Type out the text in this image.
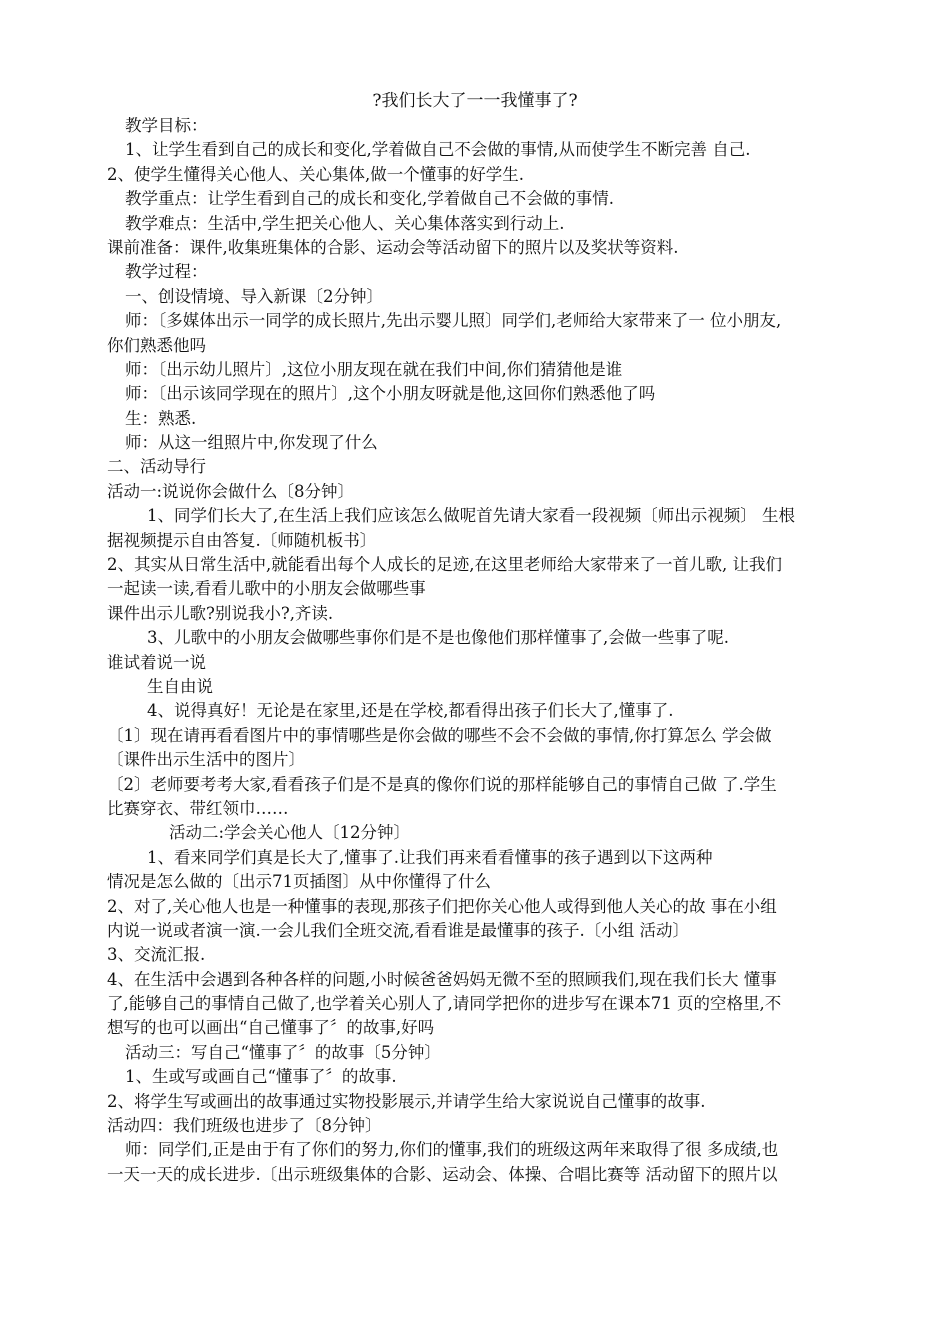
?我们长大了一一我懂事了?
教学目标：
1、让学生看到自己的成长和变化,学着做自己不会做的事情,从而使学生不断完善 自己.
2、使学生懂得关心他人、关心集体,做一个懂事的好学生.
教学重点：让学生看到自己的成长和变化,学着做自己不会做的事情.
教学难点：生活中,学生把关心他人、关心集体落实到行动上.
课前准备：课件,收集班集体的合影、运动会等活动留下的照片以及奖状等资料.
教学过程：
一、创设情境、导入新课〔2分钟〕
师：〔多媒体出示一同学的成长照片,先出示婴儿照〕同学们,老师给大家带来了一 位小朋友,
你们熟悉他吗
师：〔出示幼儿照片〕,这位小朋友现在就在我们中间,你们猜猜他是谁
师：〔出示该同学现在的照片〕,这个小朋友呀就是他,这回你们熟悉他了吗
生：熟悉.
师：从这一组照片中,你发现了什么
二、活动导行
活动一:说说你会做什么〔8分钟〕
1、同学们长大了,在生活上我们应该怎么做呢首先请大家看一段视频〔师出示视频〕 生根
据视频提示自由答复.〔师随机板书〕
2、其实从日常生活中,就能看出每个人成长的足迹,在这里老师给大家带来了一首儿歌, 让我们
一起读一读,看看儿歌中的小朋友会做哪些事
课件出示儿歌?别说我小?,齐读.
3、儿歌中的小朋友会做哪些事你们是不是也像他们那样懂事了,会做一些事了呢.
谁试着说一说
生自由说
4、说得真好！无论是在家里,还是在学校,都看得出孩子们长大了,懂事了.
〔1〕现在请再看看图片中的事情哪些是你会做的哪些不会不会做的事情,你打算怎么 学会做
〔课件出示生活中的图片〕
〔2〕老师要考考大家,看看孩子们是不是真的像你们说的那样能够自己的事情自己做 了.学生
比赛穿衣、带红领巾……
活动二:学会关心他人〔12分钟〕
1、看来同学们真是长大了,懂事了.让我们再来看看懂事的孩子遇到以下这两种
情况是怎么做的〔出示71页插图〕从中你懂得了什么
2、对了,关心他人也是一种懂事的表现,那孩子们把你关心他人或得到他人关心的故 事在小组
内说一说或者演一演.一会儿我们全班交流,看看谁是最懂事的孩子.〔小组 活动〕
3、交流汇报.
4、在生活中会遇到各种各样的问题,小时候爸爸妈妈无微不至的照顾我们,现在我们长大 懂事
了,能够自己的事情自己做了,也学着关心别人了,请同学把你的进步写在课本71 页的空格里,不
想写的也可以画出“自己懂事了〞的故事,好吗
活动三：写自己“懂事了〞的故事〔5分钟〕
1、生或写或画自己“懂事了〞的故事.
2、将学生写或画出的故事通过实物投影展示,并请学生给大家说说自己懂事的故事.
活动四：我们班级也进步了〔8分钟〕
师：同学们,正是由于有了你们的努力,你们的懂事,我们的班级这两年来取得了很 多成绩,也
一天一天的成长进步.〔出示班级集体的合影、运动会、体操、合唱比赛等 活动留下的照片以
